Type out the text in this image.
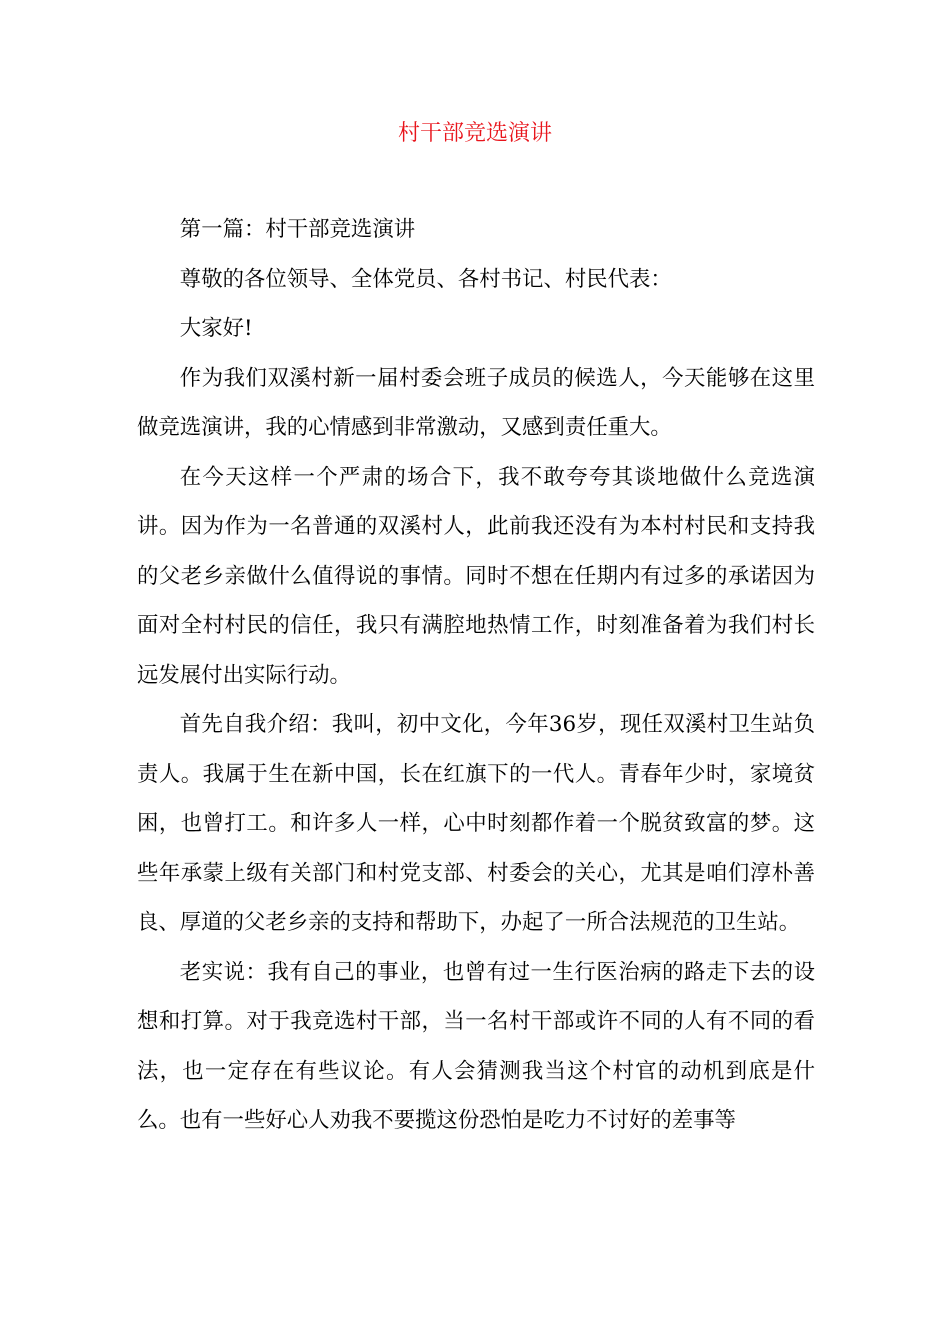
村干部竞选演讲

第一篇：村干部竞选演讲

尊敬的各位领导、全体党员、各村书记、村民代表：

大家好!

作为我们双溪村新一届村委会班子成员的候选人，今天能够在这里做竞选演讲，我的心情感到非常激动，又感到责任重大。

在今天这样一个严肃的场合下，我不敢夸夸其谈地做什么竞选演讲。因为作为一名普通的双溪村人，此前我还没有为本村村民和支持我的父老乡亲做什么值得说的事情。同时不想在任期内有过多的承诺因为面对全村村民的信任，我只有满腔地热情工作，时刻准备着为我们村长远发展付出实际行动。

首先自我介绍：我叫，初中文化，今年36岁，现任双溪村卫生站负责人。我属于生在新中国，长在红旗下的一代人。青春年少时，家境贫困，也曾打工。和许多人一样，心中时刻都作着一个脱贫致富的梦。这些年承蒙上级有关部门和村党支部、村委会的关心，尤其是咱们淳朴善良、厚道的父老乡亲的支持和帮助下，办起了一所合法规范的卫生站。

老实说：我有自己的事业，也曾有过一生行医治病的路走下去的设想和打算。对于我竞选村干部，当一名村干部或许不同的人有不同的看法，也一定存在有些议论。有人会猜测我当这个村官的动机到底是什么。也有一些好心人劝我不要揽这份恐怕是吃力不讨好的差事等
